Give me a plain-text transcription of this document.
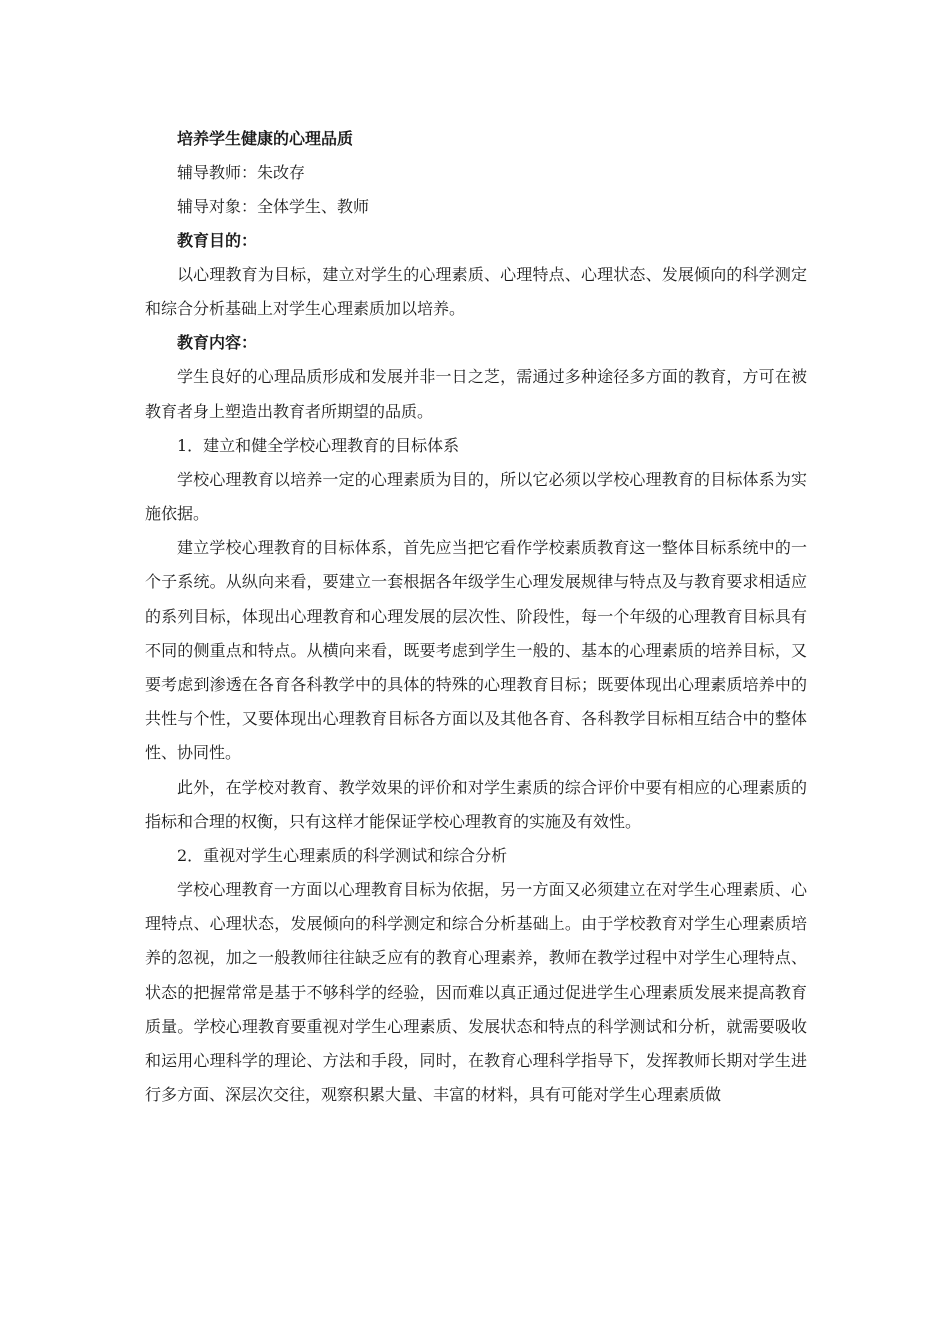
培养学生健康的心理品质
辅导教师：朱改存
辅导对象：全体学生、教师
教育目的：

以心理教育为目标，建立对学生的心理素质、心理特点、心理状态、发展倾向的科学测定和综合分析基础上对学生心理素质加以培养。

教育内容：

学生良好的心理品质形成和发展并非一日之芝，需通过多种途径多方面的教育，方可在被教育者身上塑造出教育者所期望的品质。

1．建立和健全学校心理教育的目标体系

学校心理教育以培养一定的心理素质为目的，所以它必须以学校心理教育的目标体系为实施依据。

建立学校心理教育的目标体系，首先应当把它看作学校素质教育这一整体目标系统中的一个子系统。从纵向来看，要建立一套根据各年级学生心理发展规律与特点及与教育要求相适应的系列目标，体现出心理教育和心理发展的层次性、阶段性，每一个年级的心理教育目标具有不同的侧重点和特点。从横向来看，既要考虑到学生一般的、基本的心理素质的培养目标，又要考虑到渗透在各育各科教学中的具体的特殊的心理教育目标；既要体现出心理素质培养中的共性与个性，又要体现出心理教育目标各方面以及其他各育、各科教学目标相互结合中的整体性、协同性。

此外，在学校对教育、教学效果的评价和对学生素质的综合评价中要有相应的心理素质的指标和合理的权衡，只有这样才能保证学校心理教育的实施及有效性。

2．重视对学生心理素质的科学测试和综合分析

学校心理教育一方面以心理教育目标为依据，另一方面又必须建立在对学生心理素质、心理特点、心理状态，发展倾向的科学测定和综合分析基础上。由于学校教育对学生心理素质培养的忽视，加之一般教师往往缺乏应有的教育心理素养，教师在教学过程中对学生心理特点、状态的把握常常是基于不够科学的经验，因而难以真正通过促进学生心理素质发展来提高教育质量。学校心理教育要重视对学生心理素质、发展状态和特点的科学测试和分析，就需要吸收和运用心理科学的理论、方法和手段，同时，在教育心理科学指导下，发挥教师长期对学生进行多方面、深层次交往，观察积累大量、丰富的材料，具有可能对学生心理素质做
